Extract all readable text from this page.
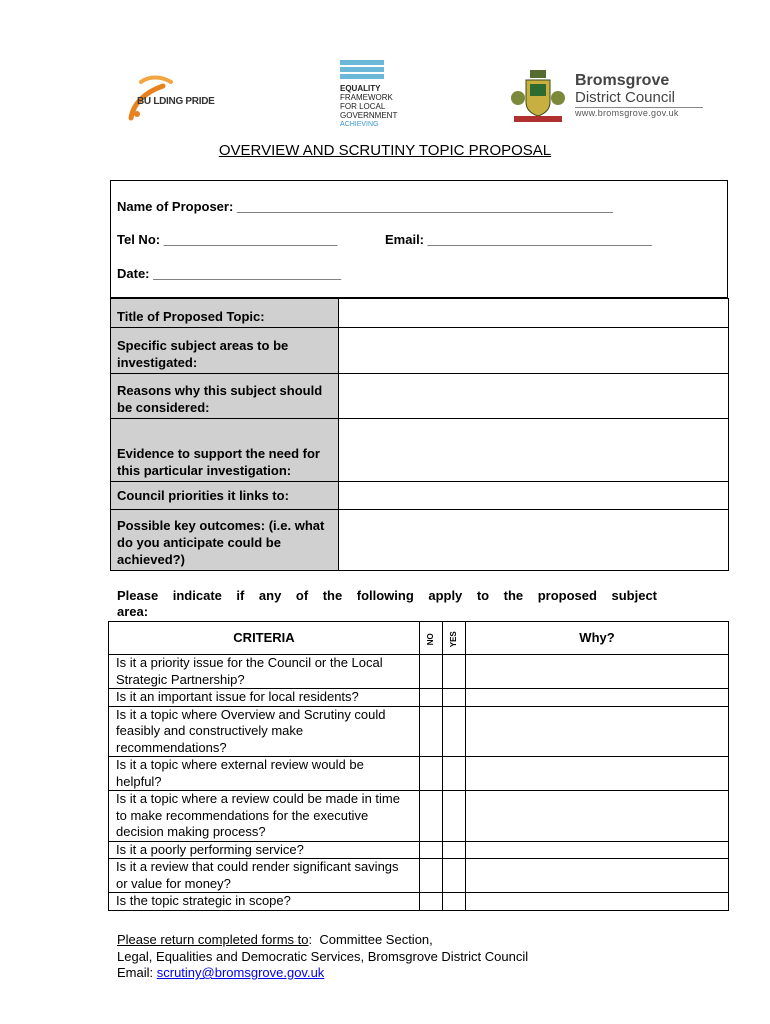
BU LDING PRIDE
EQUALITY
FRAMEWORK
FOR LOCAL
GOVERNMENT
ACHIEVING
Bromsgrove
District Council
www.bromsgrove.gov.uk
OVERVIEW AND SCRUTINY TOPIC PROPOSAL
Name of Proposer: ____________________________________________________
Tel No: ________________________	Email: _______________________________
Date: __________________________
Title of Proposed Topic:	
Specific subject areas to be investigated:	
Reasons why this subject should be considered:	
Evidence to support the need for this particular investigation:	
Council priorities it links to:	
Possible key outcomes: (i.e. what do you anticipate could be achieved?)	
Please indicate if any of the following apply to the proposed subject
area:
CRITERIA	NO	YES	Why?
Is it a priority issue for the Council or the Local Strategic Partnership?			
Is it an important issue for local residents?			
Is it a topic where Overview and Scrutiny could feasibly and constructively make recommendations?			
Is it a topic where external review would be helpful?			
Is it a topic where a review could be made in time to make recommendations for the executive decision making process?			
Is it a poorly performing service?			
Is it a review that could render significant savings or value for money?			
Is the topic strategic in scope?			
Please return completed forms to:  Committee Section,
Legal, Equalities and Democratic Services, Bromsgrove District Council
Email: scrutiny@bromsgrove.gov.uk
